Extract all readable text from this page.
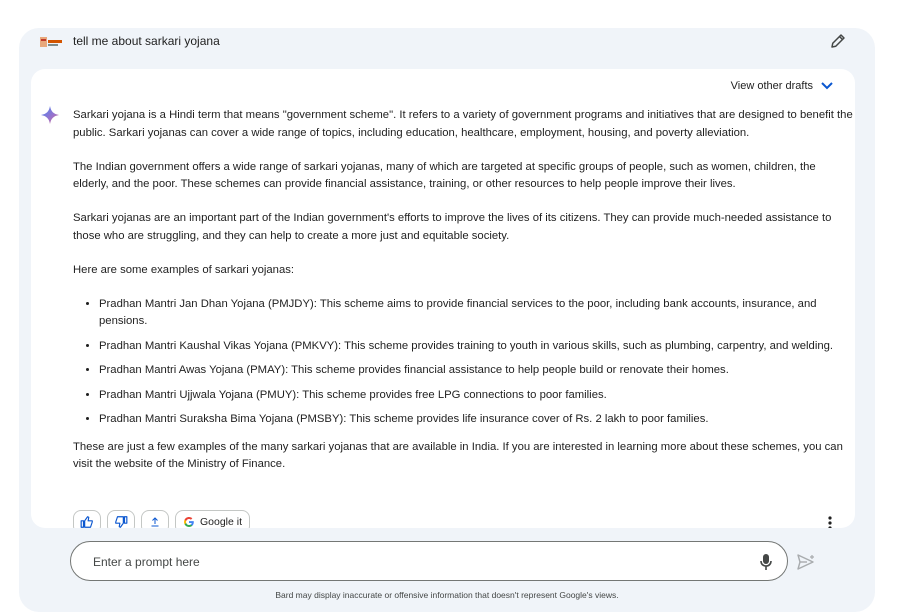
tell me about sarkari yojana
View other drafts

Sarkari yojana is a Hindi term that means "government scheme". It refers to a variety of government programs and initiatives that are designed to benefit the public. Sarkari yojanas can cover a wide range of topics, including education, healthcare, employment, housing, and poverty alleviation.

The Indian government offers a wide range of sarkari yojanas, many of which are targeted at specific groups of people, such as women, children, the elderly, and the poor. These schemes can provide financial assistance, training, or other resources to help people improve their lives.

Sarkari yojanas are an important part of the Indian government's efforts to improve the lives of its citizens. They can provide much-needed assistance to those who are struggling, and they can help to create a more just and equitable society.

Here are some examples of sarkari yojanas:

• Pradhan Mantri Jan Dhan Yojana (PMJDY): This scheme aims to provide financial services to the poor, including bank accounts, insurance, and pensions.
• Pradhan Mantri Kaushal Vikas Yojana (PMKVY): This scheme provides training to youth in various skills, such as plumbing, carpentry, and welding.
• Pradhan Mantri Awas Yojana (PMAY): This scheme provides financial assistance to help people build or renovate their homes.
• Pradhan Mantri Ujjwala Yojana (PMUY): This scheme provides free LPG connections to poor families.
• Pradhan Mantri Suraksha Bima Yojana (PMSBY): This scheme provides life insurance cover of Rs. 2 lakh to poor families.

These are just a few examples of the many sarkari yojanas that are available in India. If you are interested in learning more about these schemes, you can visit the website of the Ministry of Finance.

Google it
Enter a prompt here
Bard may display inaccurate or offensive information that doesn't represent Google's views.
